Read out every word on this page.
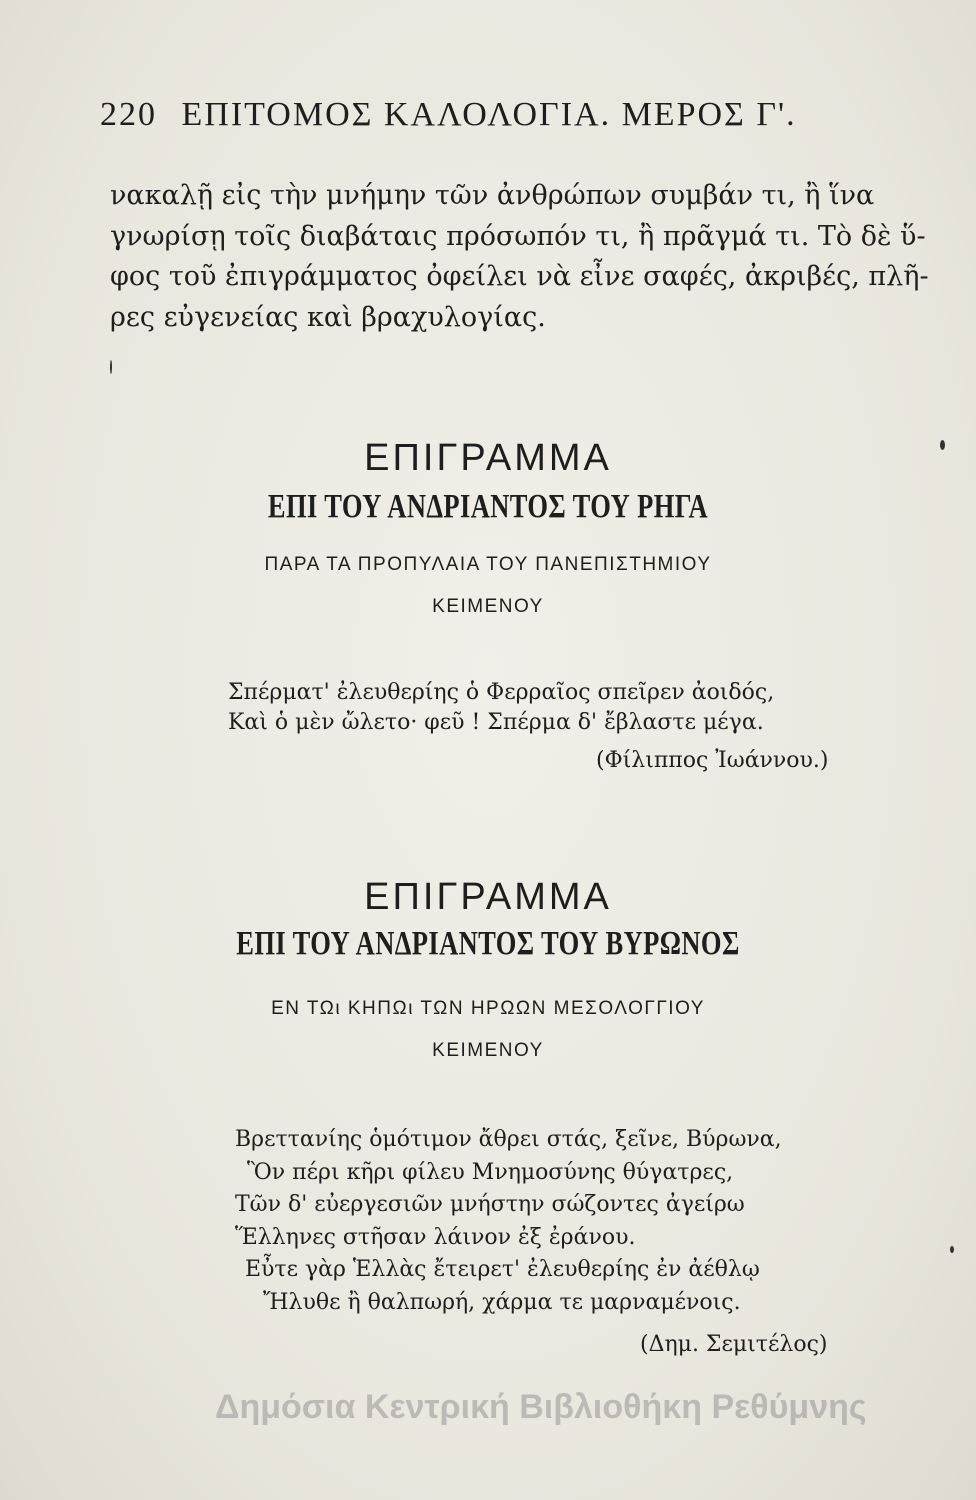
220 ΕΠΙΤΟΜΟΣ ΚΑΛΟΛΟΓΙΑ. ΜΕΡΟΣ Γ'.
νακαλῇ εἰς τὴν μνήμην τῶν ἀνθρώπων συμβάν τι, ἢ ἵνα
γνωρίσῃ τοῖς διαβάταις πρόσωπόν τι, ἢ πρᾶγμά τι. Τὸ δὲ ὕ-
φος τοῦ ἐπιγράμματος ὀφείλει νὰ εἶνε σαφές, ἀκριβές, πλῆ-
ρες εὐγενείας καὶ βραχυλογίας.
ΕΠΙΓΡΑΜΜΑ
ΕΠΙ ΤΟΥ ΑΝΔΡΙΑΝΤΟΣ ΤΟΥ ΡΗΓΑ
ΠΑΡΑ ΤΑ ΠΡΟΠΥΛΑΙΑ ΤΟΥ ΠΑΝΕΠΙΣΤΗΜΙΟΥ
ΚΕΙΜΕΝΟΥ
Σπέρματ' ἐλευθερίης ὁ Φερραῖος σπεῖρεν ἀοιδός,
Καὶ ὁ μὲν ὤλετο· φεῦ ! Σπέρμα δ' ἔβλαστε μέγα.
(Φίλιππος Ἰωάννου.)
ΕΠΙΓΡΑΜΜΑ
ΕΠΙ ΤΟΥ ΑΝΔΡΙΑΝΤΟΣ ΤΟΥ ΒΥΡΩΝΟΣ
ΕΝ ΤΩι ΚΗΠΩι ΤΩΝ ΗΡΩΩΝ ΜΕΣΟΛΟΓΓΙΟΥ
ΚΕΙΜΕΝΟΥ
Βρεττανίης ὁμότιμον ἄθρει στάς, ξεῖνε, Βύρωνα,
Ὃν πέρι κῆρι φίλευ Μνημοσύνης θύγατρες,
Τῶν δ' εὐεργεσιῶν μνήστην σώζοντες ἀγείρω
Ἕλληνες στῆσαν λάινον ἐξ ἐράνου.
Εὖτε γὰρ Ἑλλὰς ἔτειρετ' ἐλευθερίης ἐν ἀέθλῳ
Ἤλυθε ἢ θαλπωρή, χάρμα τε μαρναμένοις.
(Δημ. Σεμιτέλος)
Δημόσια Κεντρική Βιβλιοθήκη Ρεθύμνης
